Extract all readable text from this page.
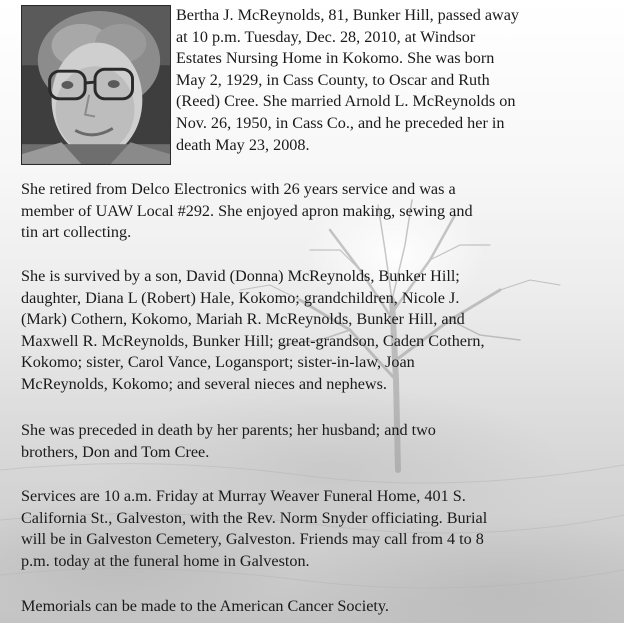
Bertha J. McReynolds, 81, Bunker Hill, passed away
at 10 p.m. Tuesday, Dec. 28, 2010, at Windsor
Estates Nursing Home in Kokomo. She was born
May 2, 1929, in Cass County, to Oscar and Ruth
(Reed) Cree. She married Arnold L. McReynolds on
Nov. 26, 1950, in Cass Co., and he preceded her in
death May 23, 2008.
She retired from Delco Electronics with 26 years service and was a
member of UAW Local #292. She enjoyed apron making, sewing and
tin art collecting.
She is survived by a son, David (Donna) McReynolds, Bunker Hill;
daughter, Diana L (Robert) Hale, Kokomo; grandchildren, Nicole J.
(Mark) Cothern, Kokomo, Mariah R. McReynolds, Bunker Hill, and
Maxwell R. McReynolds, Bunker Hill; great-grandson, Caden Cothern,
Kokomo; sister, Carol Vance, Logansport; sister-in-law, Joan
McReynolds, Kokomo; and several nieces and nephews.
She was preceded in death by her parents; her husband; and two
brothers, Don and Tom Cree.
Services are 10 a.m. Friday at Murray Weaver Funeral Home, 401 S.
California St., Galveston, with the Rev. Norm Snyder officiating. Burial
will be in Galveston Cemetery, Galveston. Friends may call from 4 to 8
p.m. today at the funeral home in Galveston.
Memorials can be made to the American Cancer Society.
